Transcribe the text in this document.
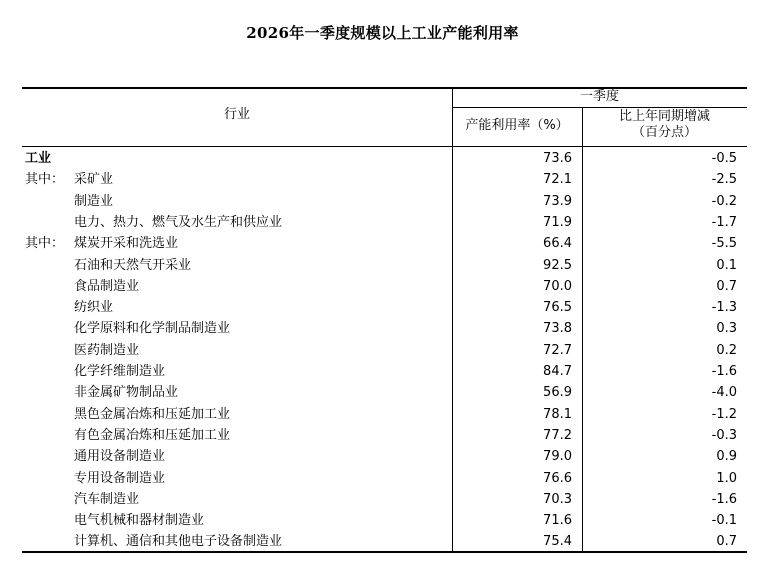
2026年一季度规模以上工业产能利用率
行业
一季度
产能利用率（%）
比上年同期增减
（百分点）
工业	73.6	-0.5
其中： 采矿业	72.1	-2.5
制造业	73.9	-0.2
电力、热力、燃气及水生产和供应业	71.9	-1.7
其中： 煤炭开采和洗选业	66.4	-5.5
石油和天然气开采业	92.5	0.1
食品制造业	70.0	0.7
纺织业	76.5	-1.3
化学原料和化学制品制造业	73.8	0.3
医药制造业	72.7	0.2
化学纤维制造业	84.7	-1.6
非金属矿物制品业	56.9	-4.0
黑色金属冶炼和压延加工业	78.1	-1.2
有色金属冶炼和压延加工业	77.2	-0.3
通用设备制造业	79.0	0.9
专用设备制造业	76.6	1.0
汽车制造业	70.3	-1.6
电气机械和器材制造业	71.6	-0.1
计算机、通信和其他电子设备制造业	75.4	0.7
